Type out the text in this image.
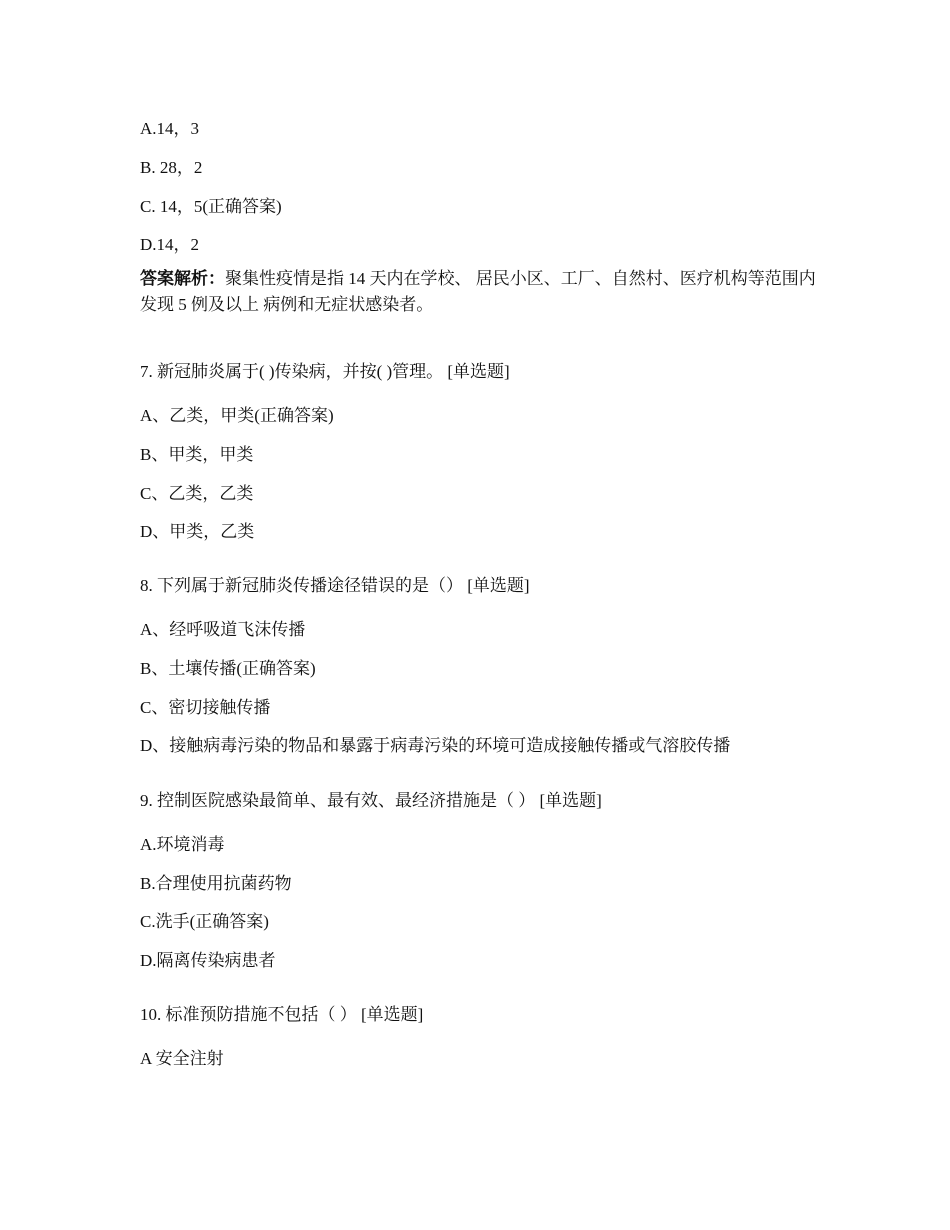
A.14，3
B. 28，2
C. 14，5(正确答案)
D.14，2
答案解析：聚集性疫情是指 14 天内在学校、 居民小区、工厂、自然村、医疗机构等范围内发现 5 例及以上 病例和无症状感染者。
7. 新冠肺炎属于( )传染病，并按( )管理。 [单选题]
A、乙类，甲类(正确答案)
B、甲类，甲类
C、乙类，乙类
D、甲类，乙类
8. 下列属于新冠肺炎传播途径错误的是（） [单选题]
A、经呼吸道飞沫传播
B、土壤传播(正确答案)
C、密切接触传播
D、接触病毒污染的物品和暴露于病毒污染的环境可造成接触传播或气溶胶传播
9. 控制医院感染最简单、最有效、最经济措施是（ ） [单选题]
A.环境消毒
B.合理使用抗菌药物
C.洗手(正确答案)
D.隔离传染病患者
10. 标准预防措施不包括（ ） [单选题]
A 安全注射
